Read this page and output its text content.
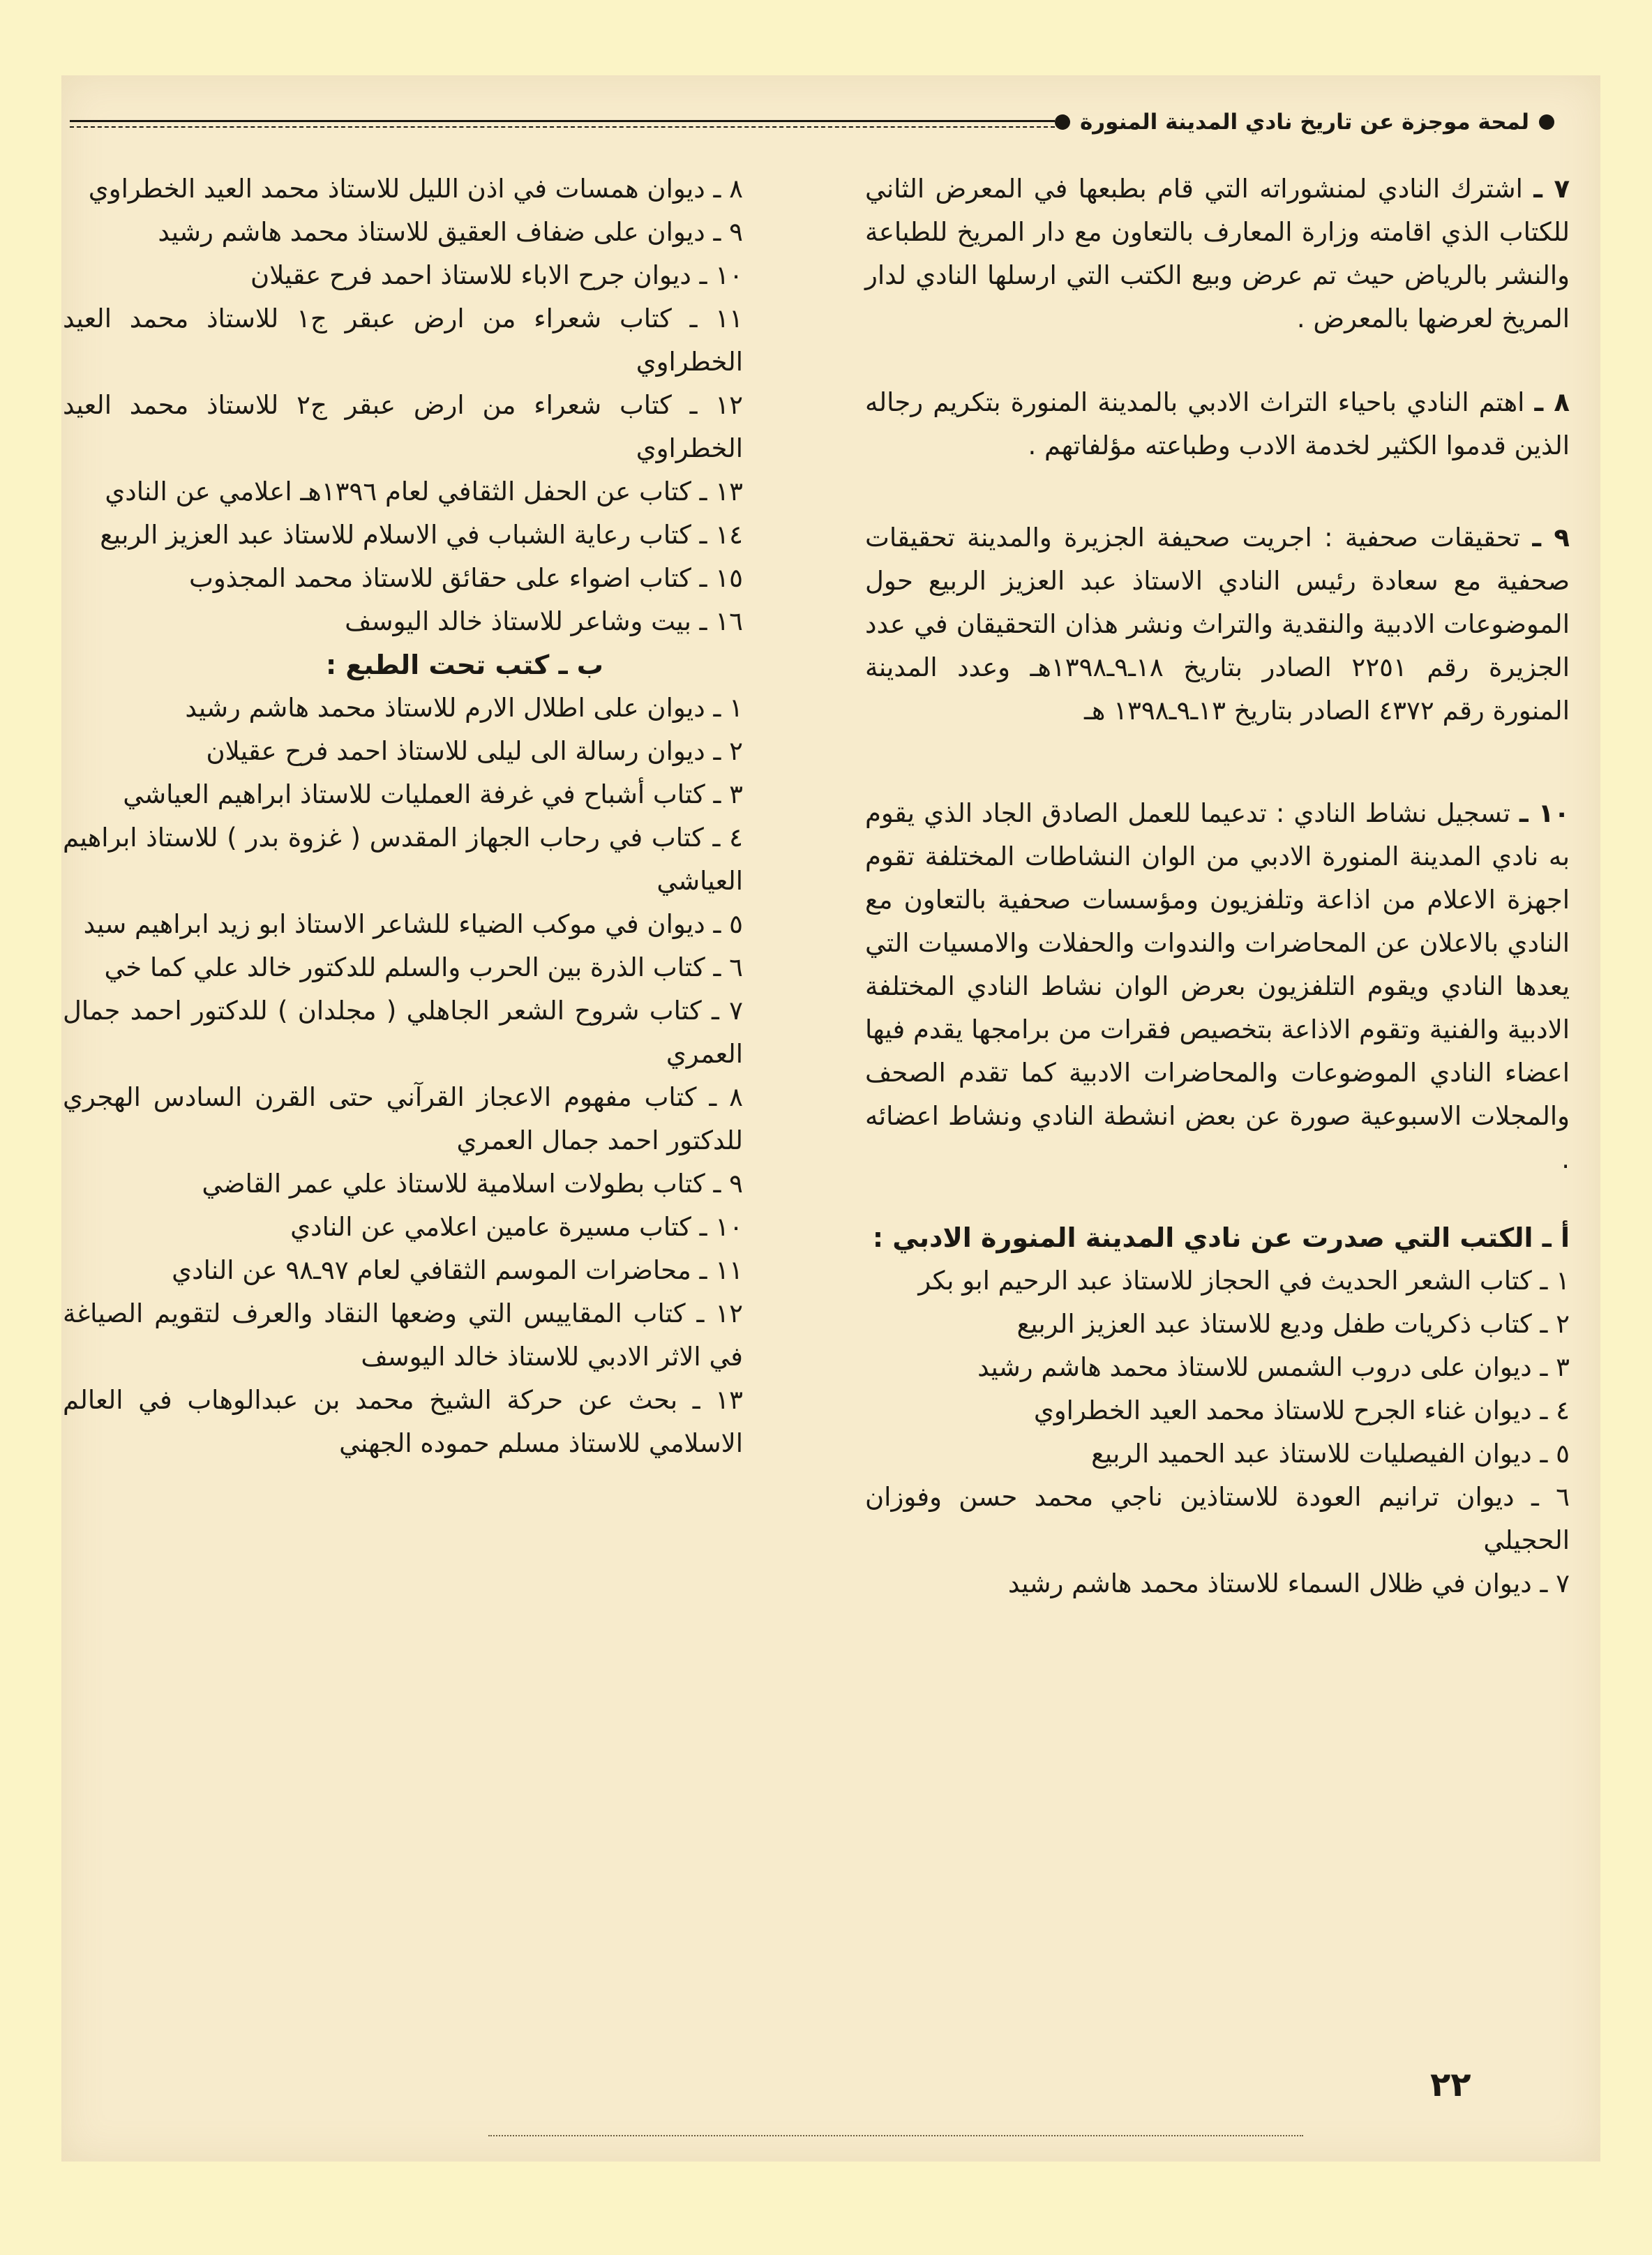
لمحة موجزة عن تاريخ نادي المدينة المنورة

٧ ـ اشترك النادي لمنشوراته التي قام بطبعها في المعرض الثاني للكتاب الذي اقامته وزارة المعارف بالتعاون مع دار المريخ للطباعة والنشر بالرياض حيث تم عرض وبيع الكتب التي ارسلها النادي لدار المريخ لعرضها بالمعرض .

٨ ـ اهتم النادي باحياء التراث الادبي بالمدينة المنورة بتكريم رجاله الذين قدموا الكثير لخدمة الادب وطباعته مؤلفاتهم .

٩ ـ تحقيقات صحفية : اجريت صحيفة الجزيرة والمدينة تحقيقات صحفية مع سعادة رئيس النادي الاستاذ عبد العزيز الربيع حول الموضوعات الادبية والنقدية والتراث ونشر هذان التحقيقان في عدد الجزيرة رقم ٢٢٥١ الصادر بتاريخ ١٨ـ٩ـ١٣٩٨هـ وعدد المدينة المنورة رقم ٤٣٧٢ الصادر بتاريخ ١٣ـ٩ـ١٣٩٨ هـ

١٠ ـ تسجيل نشاط النادي : تدعيما للعمل الصادق الجاد الذي يقوم به نادي المدينة المنورة الادبي من الوان النشاطات المختلفة تقوم اجهزة الاعلام من اذاعة وتلفزيون ومؤسسات صحفية بالتعاون مع النادي بالاعلان عن المحاضرات والندوات والحفلات والامسيات التي يعدها النادي ويقوم التلفزيون بعرض الوان نشاط النادي المختلفة الادبية والفنية وتقوم الاذاعة بتخصيص فقرات من برامجها يقدم فيها اعضاء النادي الموضوعات والمحاضرات الادبية كما تقدم الصحف والمجلات الاسبوعية صورة عن بعض انشطة النادي ونشاط اعضائه .

أ ـ الكتب التي صدرت عن نادي المدينة المنورة الادبي :

١ ـ كتاب الشعر الحديث في الحجاز للاستاذ عبد الرحيم ابو بكر

٢ ـ كتاب ذكريات طفل وديع للاستاذ عبد العزيز الربيع

٣ ـ ديوان على دروب الشمس للاستاذ محمد هاشم رشيد

٤ ـ ديوان غناء الجرح للاستاذ محمد العيد الخطراوي

٥ ـ ديوان الفيصليات للاستاذ عبد الحميد الربيع

٦ ـ ديوان ترانيم العودة للاستاذين ناجي محمد حسن وفوزان الحجيلي

٧ ـ ديوان في ظلال السماء للاستاذ محمد هاشم رشيد

٨ ـ ديوان همسات في اذن الليل للاستاذ محمد العيد الخطراوي

٩ ـ ديوان على ضفاف العقيق للاستاذ محمد هاشم رشيد

١٠ ـ ديوان جرح الاباء للاستاذ احمد فرح عقيلان

١١ ـ كتاب شعراء من ارض عبقر ج١ للاستاذ محمد العيد الخطراوي

١٢ ـ كتاب شعراء من ارض عبقر ج٢ للاستاذ محمد العيد الخطراوي

١٣ ـ كتاب عن الحفل الثقافي لعام ١٣٩٦هـ اعلامي عن النادي

١٤ ـ كتاب رعاية الشباب في الاسلام للاستاذ عبد العزيز الربيع

١٥ ـ كتاب اضواء على حقائق للاستاذ محمد المجذوب

١٦ ـ بيت وشاعر للاستاذ خالد اليوسف

ب ـ كتب تحت الطبع :

١ ـ ديوان على اطلال الارم للاستاذ محمد هاشم رشيد

٢ ـ ديوان رسالة الى ليلى للاستاذ احمد فرح عقيلان

٣ ـ كتاب أشباح في غرفة العمليات للاستاذ ابراهيم العياشي

٤ ـ كتاب في رحاب الجهاز المقدس ( غزوة بدر ) للاستاذ ابراهيم العياشي

٥ ـ ديوان في موكب الضياء للشاعر الاستاذ ابو زيد ابراهيم سيد

٦ ـ كتاب الذرة بين الحرب والسلم للدكتور خالد علي كما خي

٧ ـ كتاب شروح الشعر الجاهلي ( مجلدان ) للدكتور احمد جمال العمري

٨ ـ كتاب مفهوم الاعجاز القرآني حتى القرن السادس الهجري للدكتور احمد جمال العمري

٩ ـ كتاب بطولات اسلامية للاستاذ علي عمر القاضي

١٠ ـ كتاب مسيرة عامين اعلامي عن النادي

١١ ـ محاضرات الموسم الثقافي لعام ٩٧ـ٩٨ عن النادي

١٢ ـ كتاب المقاييس التي وضعها النقاد والعرف لتقويم الصياغة في الاثر الادبي للاستاذ خالد اليوسف

١٣ ـ بحث عن حركة الشيخ محمد بن عبدالوهاب في العالم الاسلامي للاستاذ مسلم حموده الجهني

٢٢
